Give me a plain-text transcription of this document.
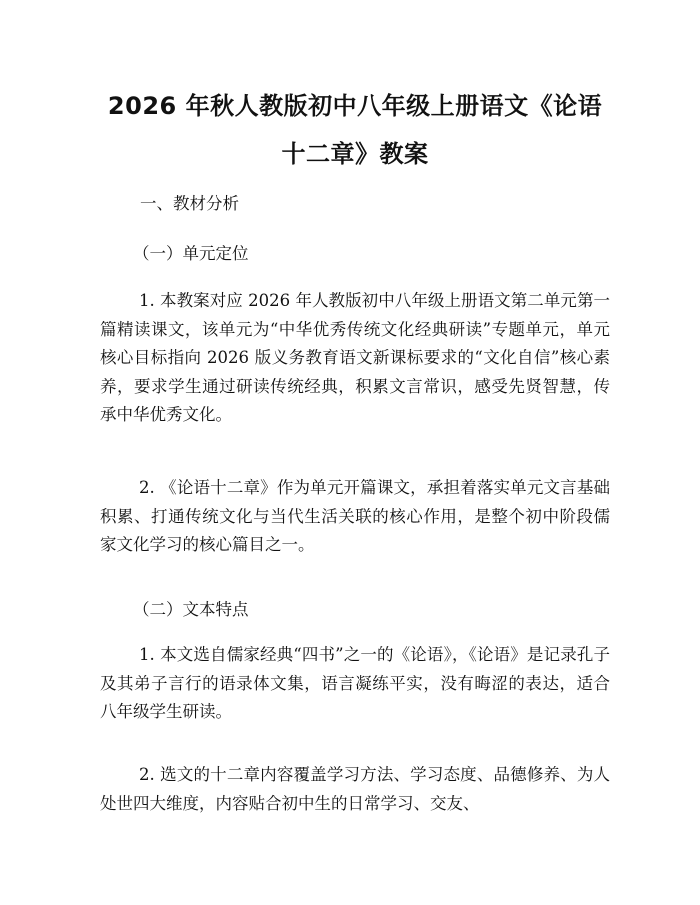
2026 年秋人教版初中八年级上册语文《论语
十二章》教案
一、教材分析
（一）单元定位

1. 本教案对应 2026 年人教版初中八年级上册语文第二单元第一篇精读课文，该单元为“中华优秀传统文化经典研读”专题单元，单元核心目标指向 2026 版义务教育语文新课标要求的“文化自信”核心素养，要求学生通过研读传统经典，积累文言常识，感受先贤智慧，传承中华优秀文化。

2. 《论语十二章》作为单元开篇课文，承担着落实单元文言基础积累、打通传统文化与当代生活关联的核心作用，是整个初中阶段儒家文化学习的核心篇目之一。

（二）文本特点

1. 本文选自儒家经典“四书”之一的《论语》，《论语》是记录孔子及其弟子言行的语录体文集，语言凝练平实，没有晦涩的表达，适合八年级学生研读。

2. 选文的十二章内容覆盖学习方法、学习态度、品德修养、为人处世四大维度，内容贴合初中生的日常学习、交友、
